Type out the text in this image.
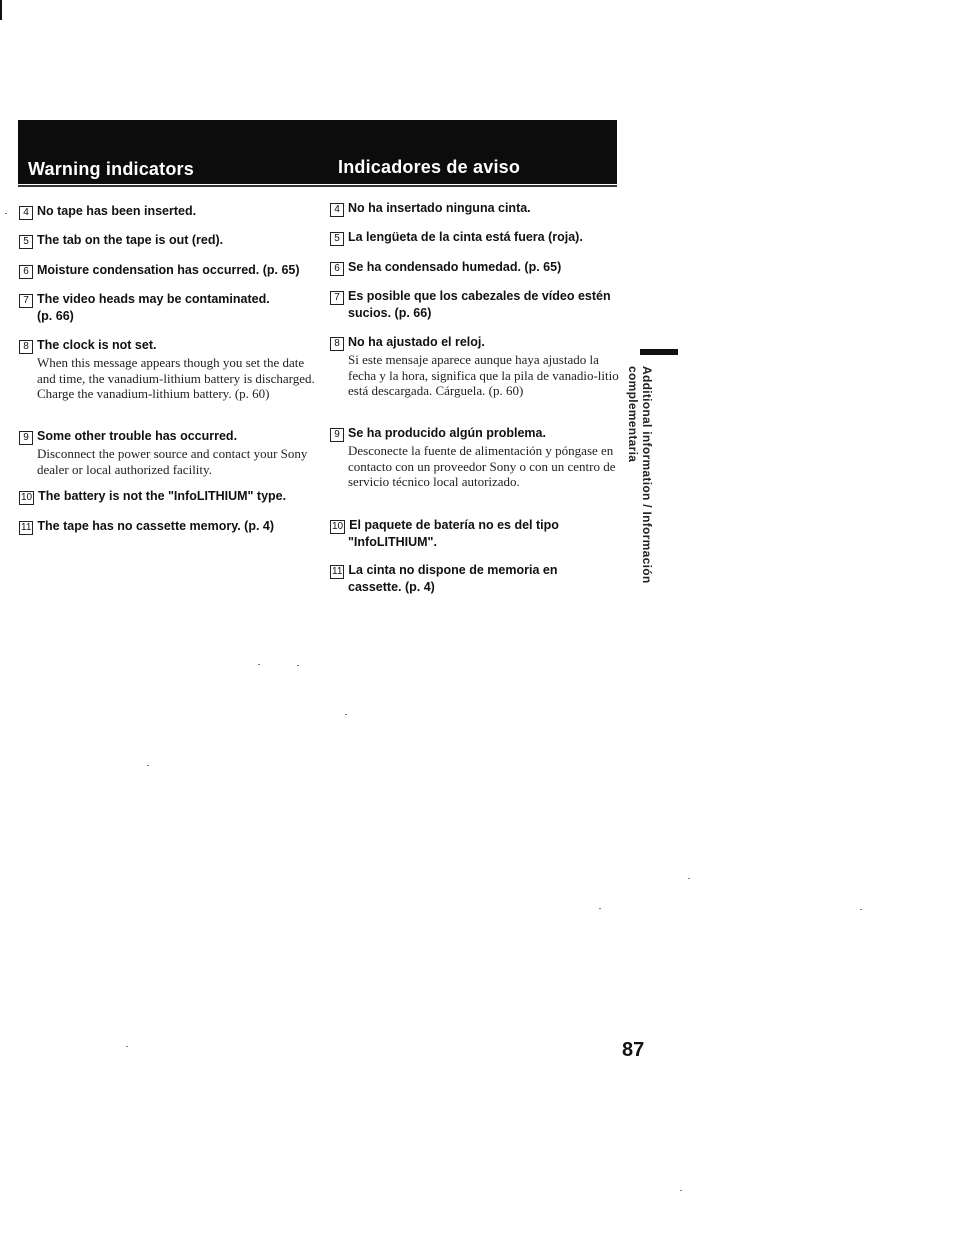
Warning indicators	Indicadores de aviso
4 No tape has been inserted.
5 The tab on the tape is out (red).
6 Moisture condensation has occurred. (p. 65)
7 The video heads may be contaminated.
(p. 66)
8 The clock is not set.
When this message appears though you set the date and time, the vanadium-lithium battery is discharged. Charge the vanadium-lithium battery. (p. 60)
9 Some other trouble has occurred.
Disconnect the power source and contact your Sony dealer or local authorized facility.
10 The battery is not the "InfoLITHIUM" type.
11 The tape has no cassette memory. (p. 4)
4 No ha insertado ninguna cinta.
5 La lengüeta de la cinta está fuera (roja).
6 Se ha condensado humedad. (p. 65)
7 Es posible que los cabezales de vídeo estén
sucios. (p. 66)
8 No ha ajustado el reloj.
Si este mensaje aparece aunque haya ajustado la fecha y la hora, significa que la pila de vanadio-litio está descargada. Cárguela. (p. 60)
9 Se ha producido algún problema.
Desconecte la fuente de alimentación y póngase en contacto con un proveedor Sony o con un centro de servicio técnico local autorizado.
10 El paquete de batería no es del tipo
"InfoLITHIUM".
11 La cinta no dispone de memoria en
cassette. (p. 4)
Additional information / Información complementaria
87
